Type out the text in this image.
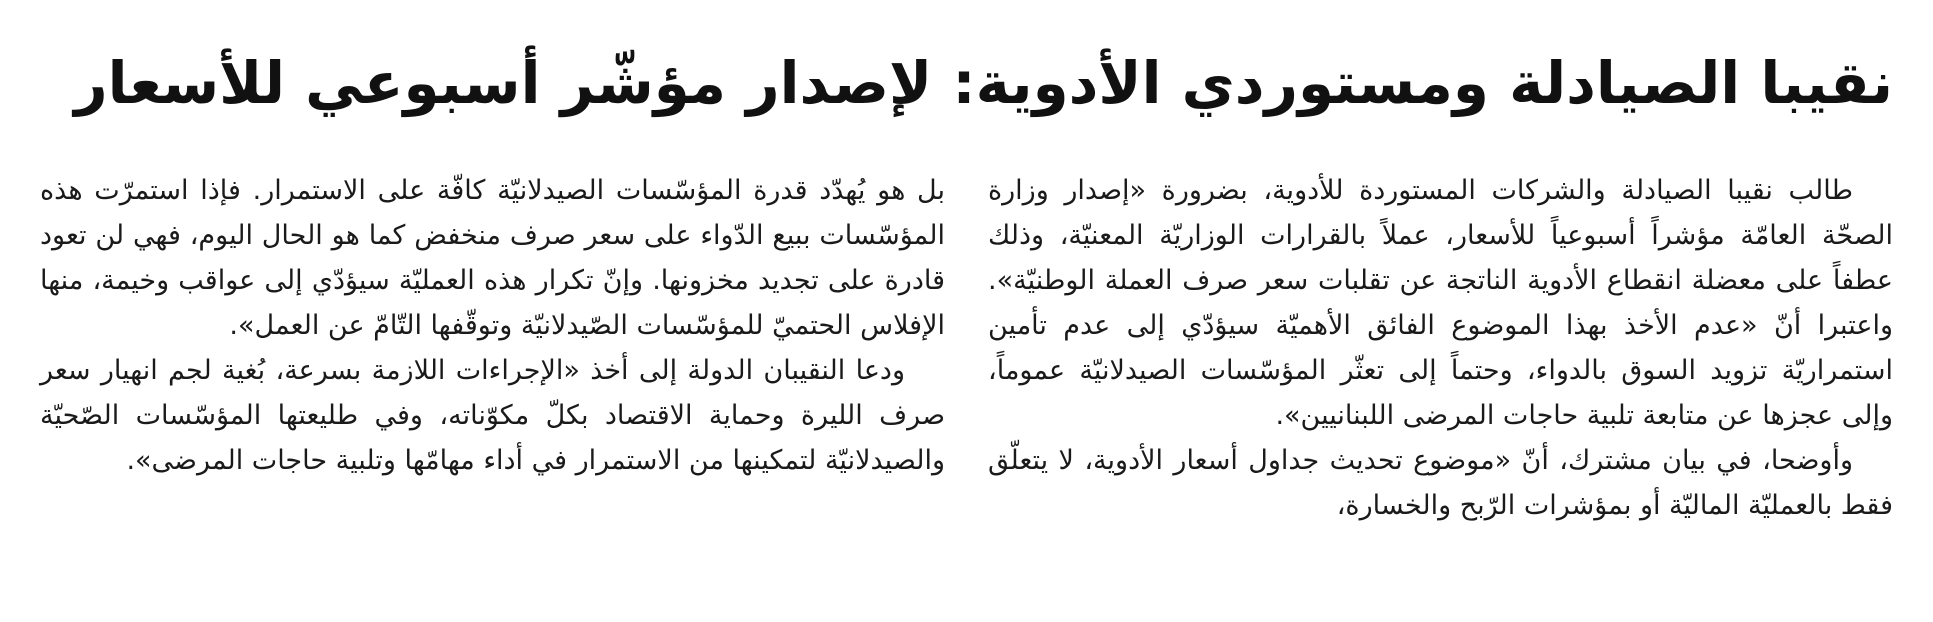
نقيبا الصيادلة ومستوردي الأدوية: لإصدار مؤشّر أسبوعي للأسعار

طالب نقيبا الصيادلة والشركات المستوردة للأدوية، بضرورة «إصدار وزارة الصحّة العامّة مؤشراً أسبوعياً للأسعار، عملاً بالقرارات الوزاريّة المعنيّة، وذلك عطفاً على معضلة انقطاع الأدوية الناتجة عن تقلبات سعر صرف العملة الوطنيّة». واعتبرا أنّ «عدم الأخذ بهذا الموضوع الفائق الأهميّة سيؤدّي إلى عدم تأمين استمراريّة تزويد السوق بالدواء، وحتماً إلى تعثّر المؤسّسات الصيدلانيّة عموماً، وإلى عجزها عن متابعة تلبية حاجات المرضى اللبنانيين».

وأوضحا، في بيان مشترك، أنّ «موضوع تحديث جداول أسعار الأدوية، لا يتعلّق فقط بالعمليّة الماليّة أو بمؤشرات الرّبح والخسارة،

بل هو يُهدّد قدرة المؤسّسات الصيدلانيّة كافّة على الاستمرار. فإذا استمرّت هذه المؤسّسات ببيع الدّواء على سعر صرف منخفض كما هو الحال اليوم، فهي لن تعود قادرة على تجديد مخزونها. وإنّ تكرار هذه العمليّة سيؤدّي إلى عواقب وخيمة، منها الإفلاس الحتميّ للمؤسّسات الصّيدلانيّة وتوقّفها التّامّ عن العمل».

ودعا النقيبان الدولة إلى أخذ «الإجراءات اللازمة بسرعة، بُغية لجم انهيار سعر صرف الليرة وحماية الاقتصاد بكلّ مكوّناته، وفي طليعتها المؤسّسات الصّحيّة والصيدلانيّة لتمكينها من الاستمرار في أداء مهامّها وتلبية حاجات المرضى».
